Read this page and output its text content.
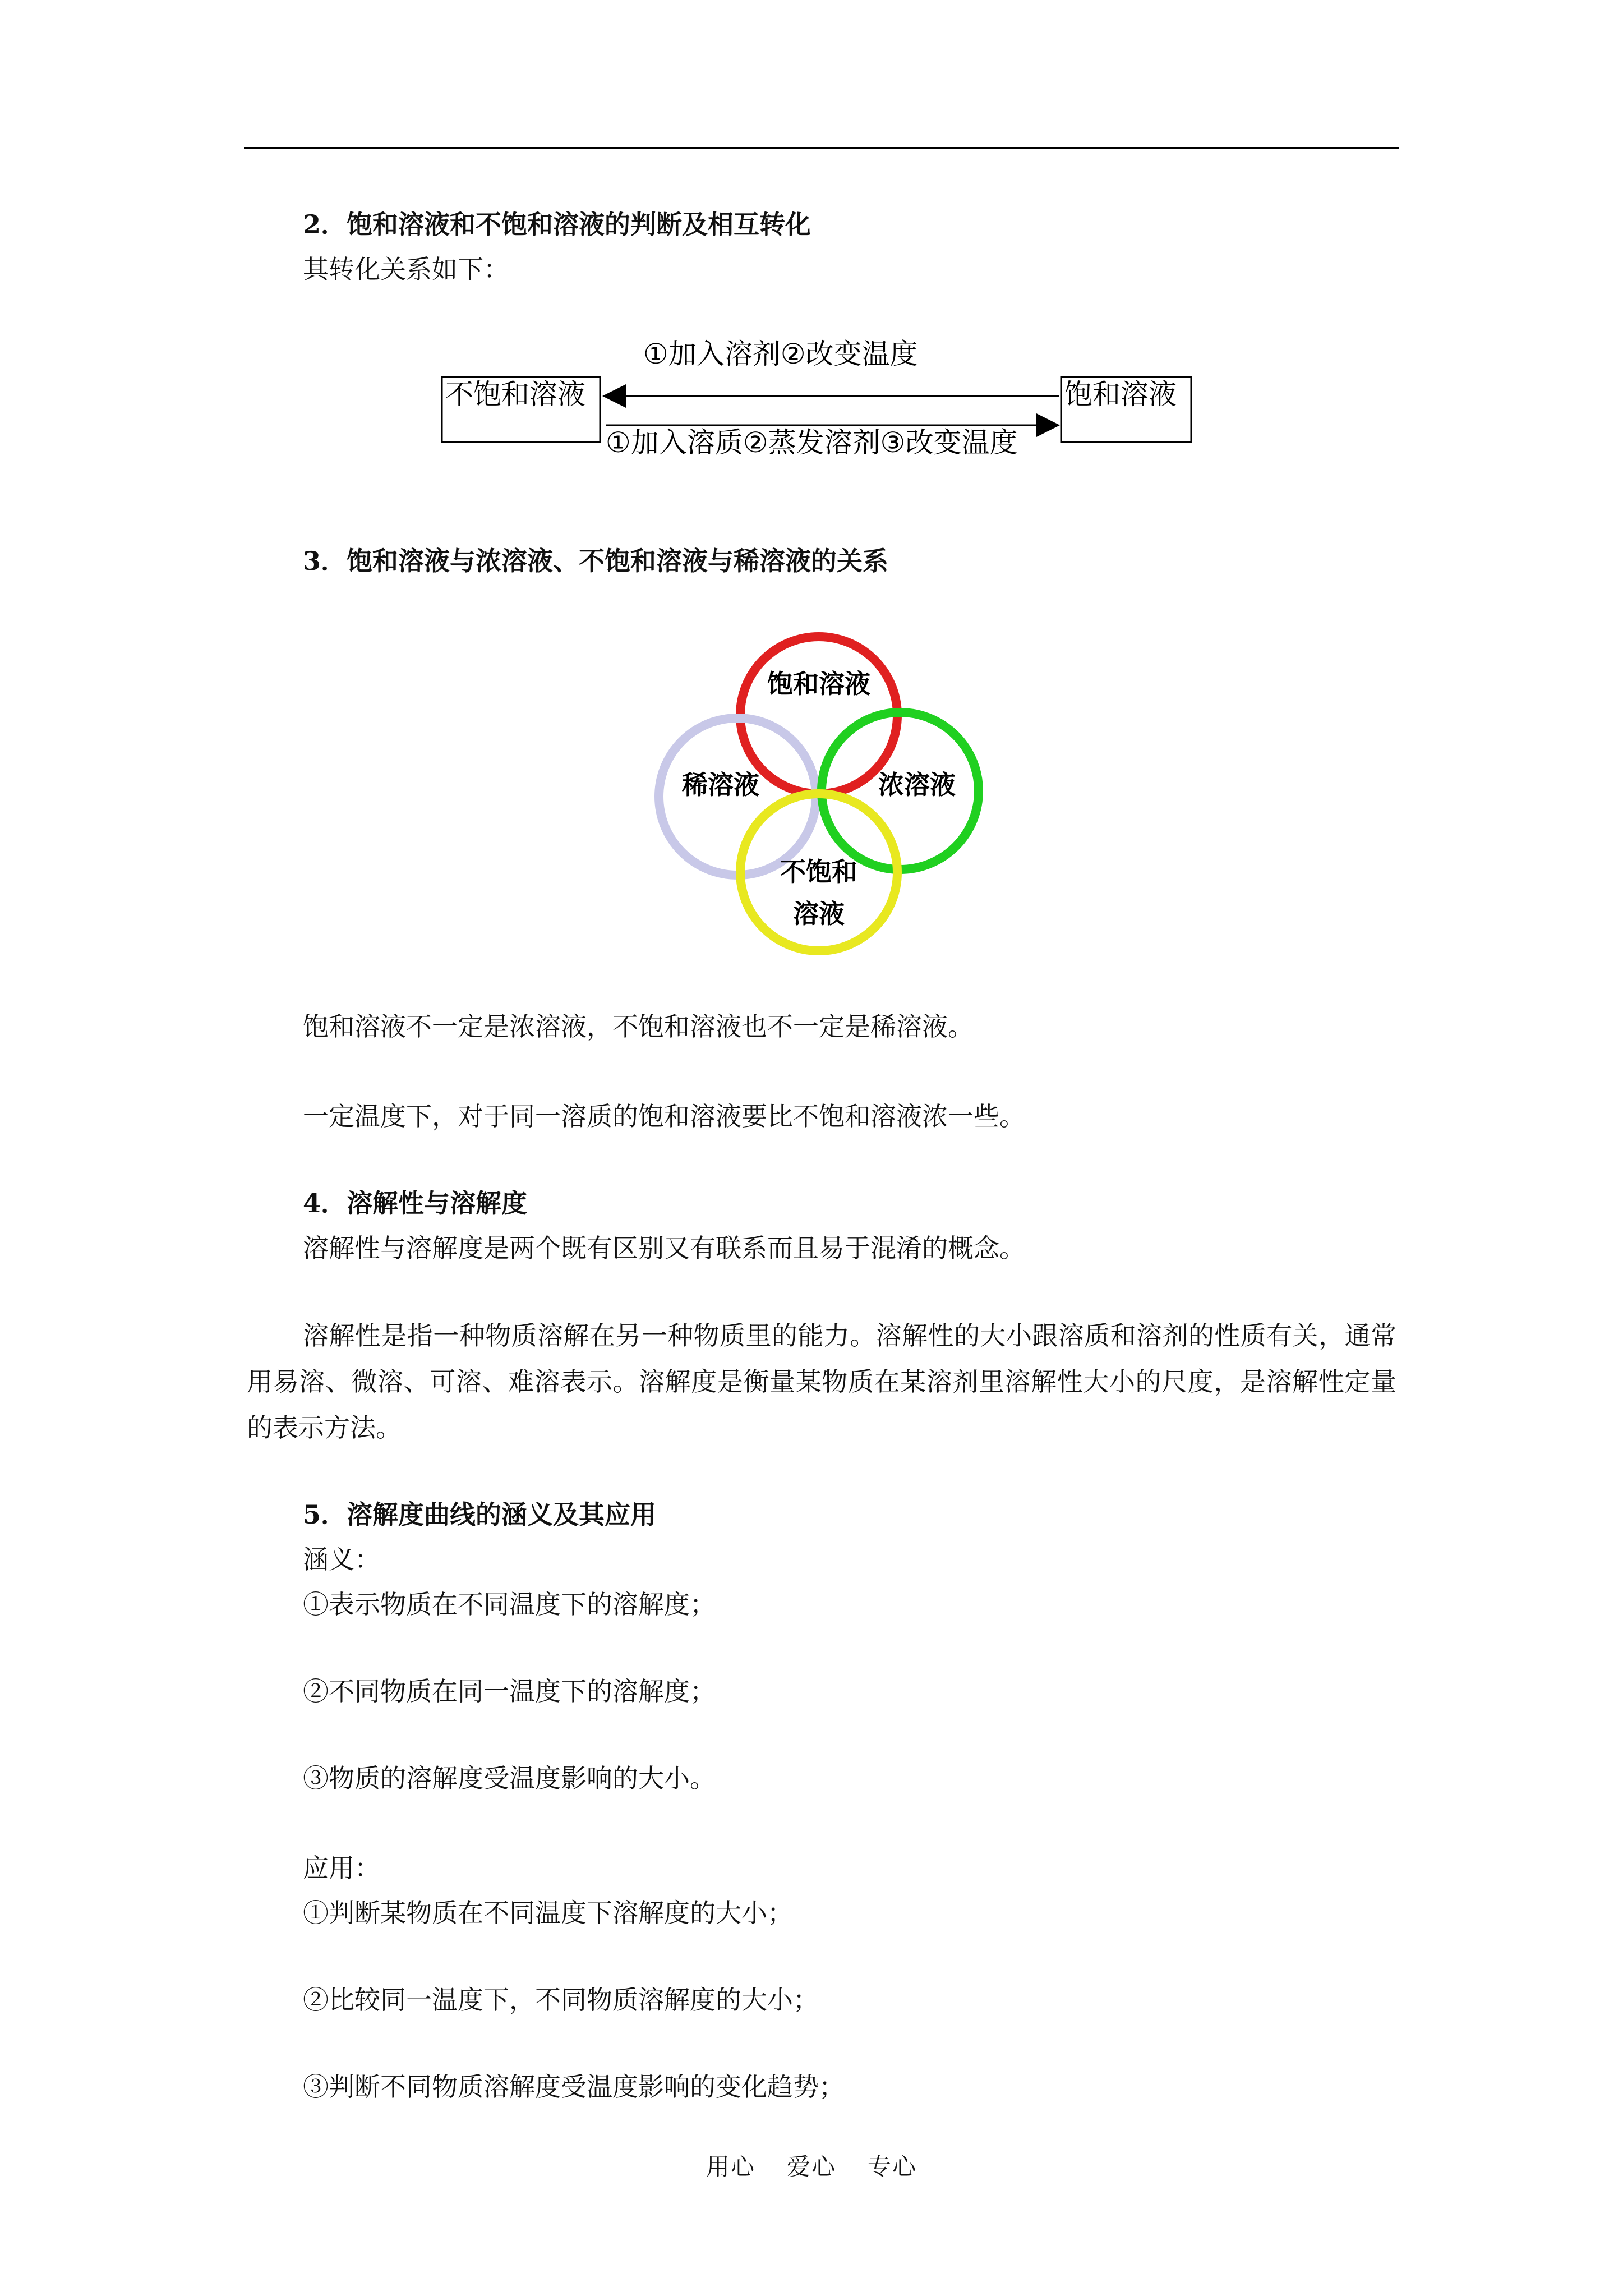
2．饱和溶液和不饱和溶液的判断及相互转化
其转化关系如下：
不饱和溶液	饱和溶液
①加入溶剂②改变温度
①加入溶质②蒸发溶剂③改变温度
3．饱和溶液与浓溶液、不饱和溶液与稀溶液的关系
饱和溶液
稀溶液	浓溶液
不饱和
溶液
饱和溶液不一定是浓溶液，不饱和溶液也不一定是稀溶液。
一定温度下，对于同一溶质的饱和溶液要比不饱和溶液浓一些。
4．溶解性与溶解度
溶解性与溶解度是两个既有区别又有联系而且易于混淆的概念。
溶解性是指一种物质溶解在另一种物质里的能力。溶解性的大小跟溶质和溶剂的性质有关，通常用易溶、微溶、可溶、难溶表示。溶解度是衡量某物质在某溶剂里溶解性大小的尺度，是溶解性定量的表示方法。
5．溶解度曲线的涵义及其应用
涵义：
①表示物质在不同温度下的溶解度；
②不同物质在同一温度下的溶解度；
③物质的溶解度受温度影响的大小。
应用：
①判断某物质在不同温度下溶解度的大小；
②比较同一温度下，不同物质溶解度的大小；
③判断不同物质溶解度受温度影响的变化趋势；
用心 爱心 专心
